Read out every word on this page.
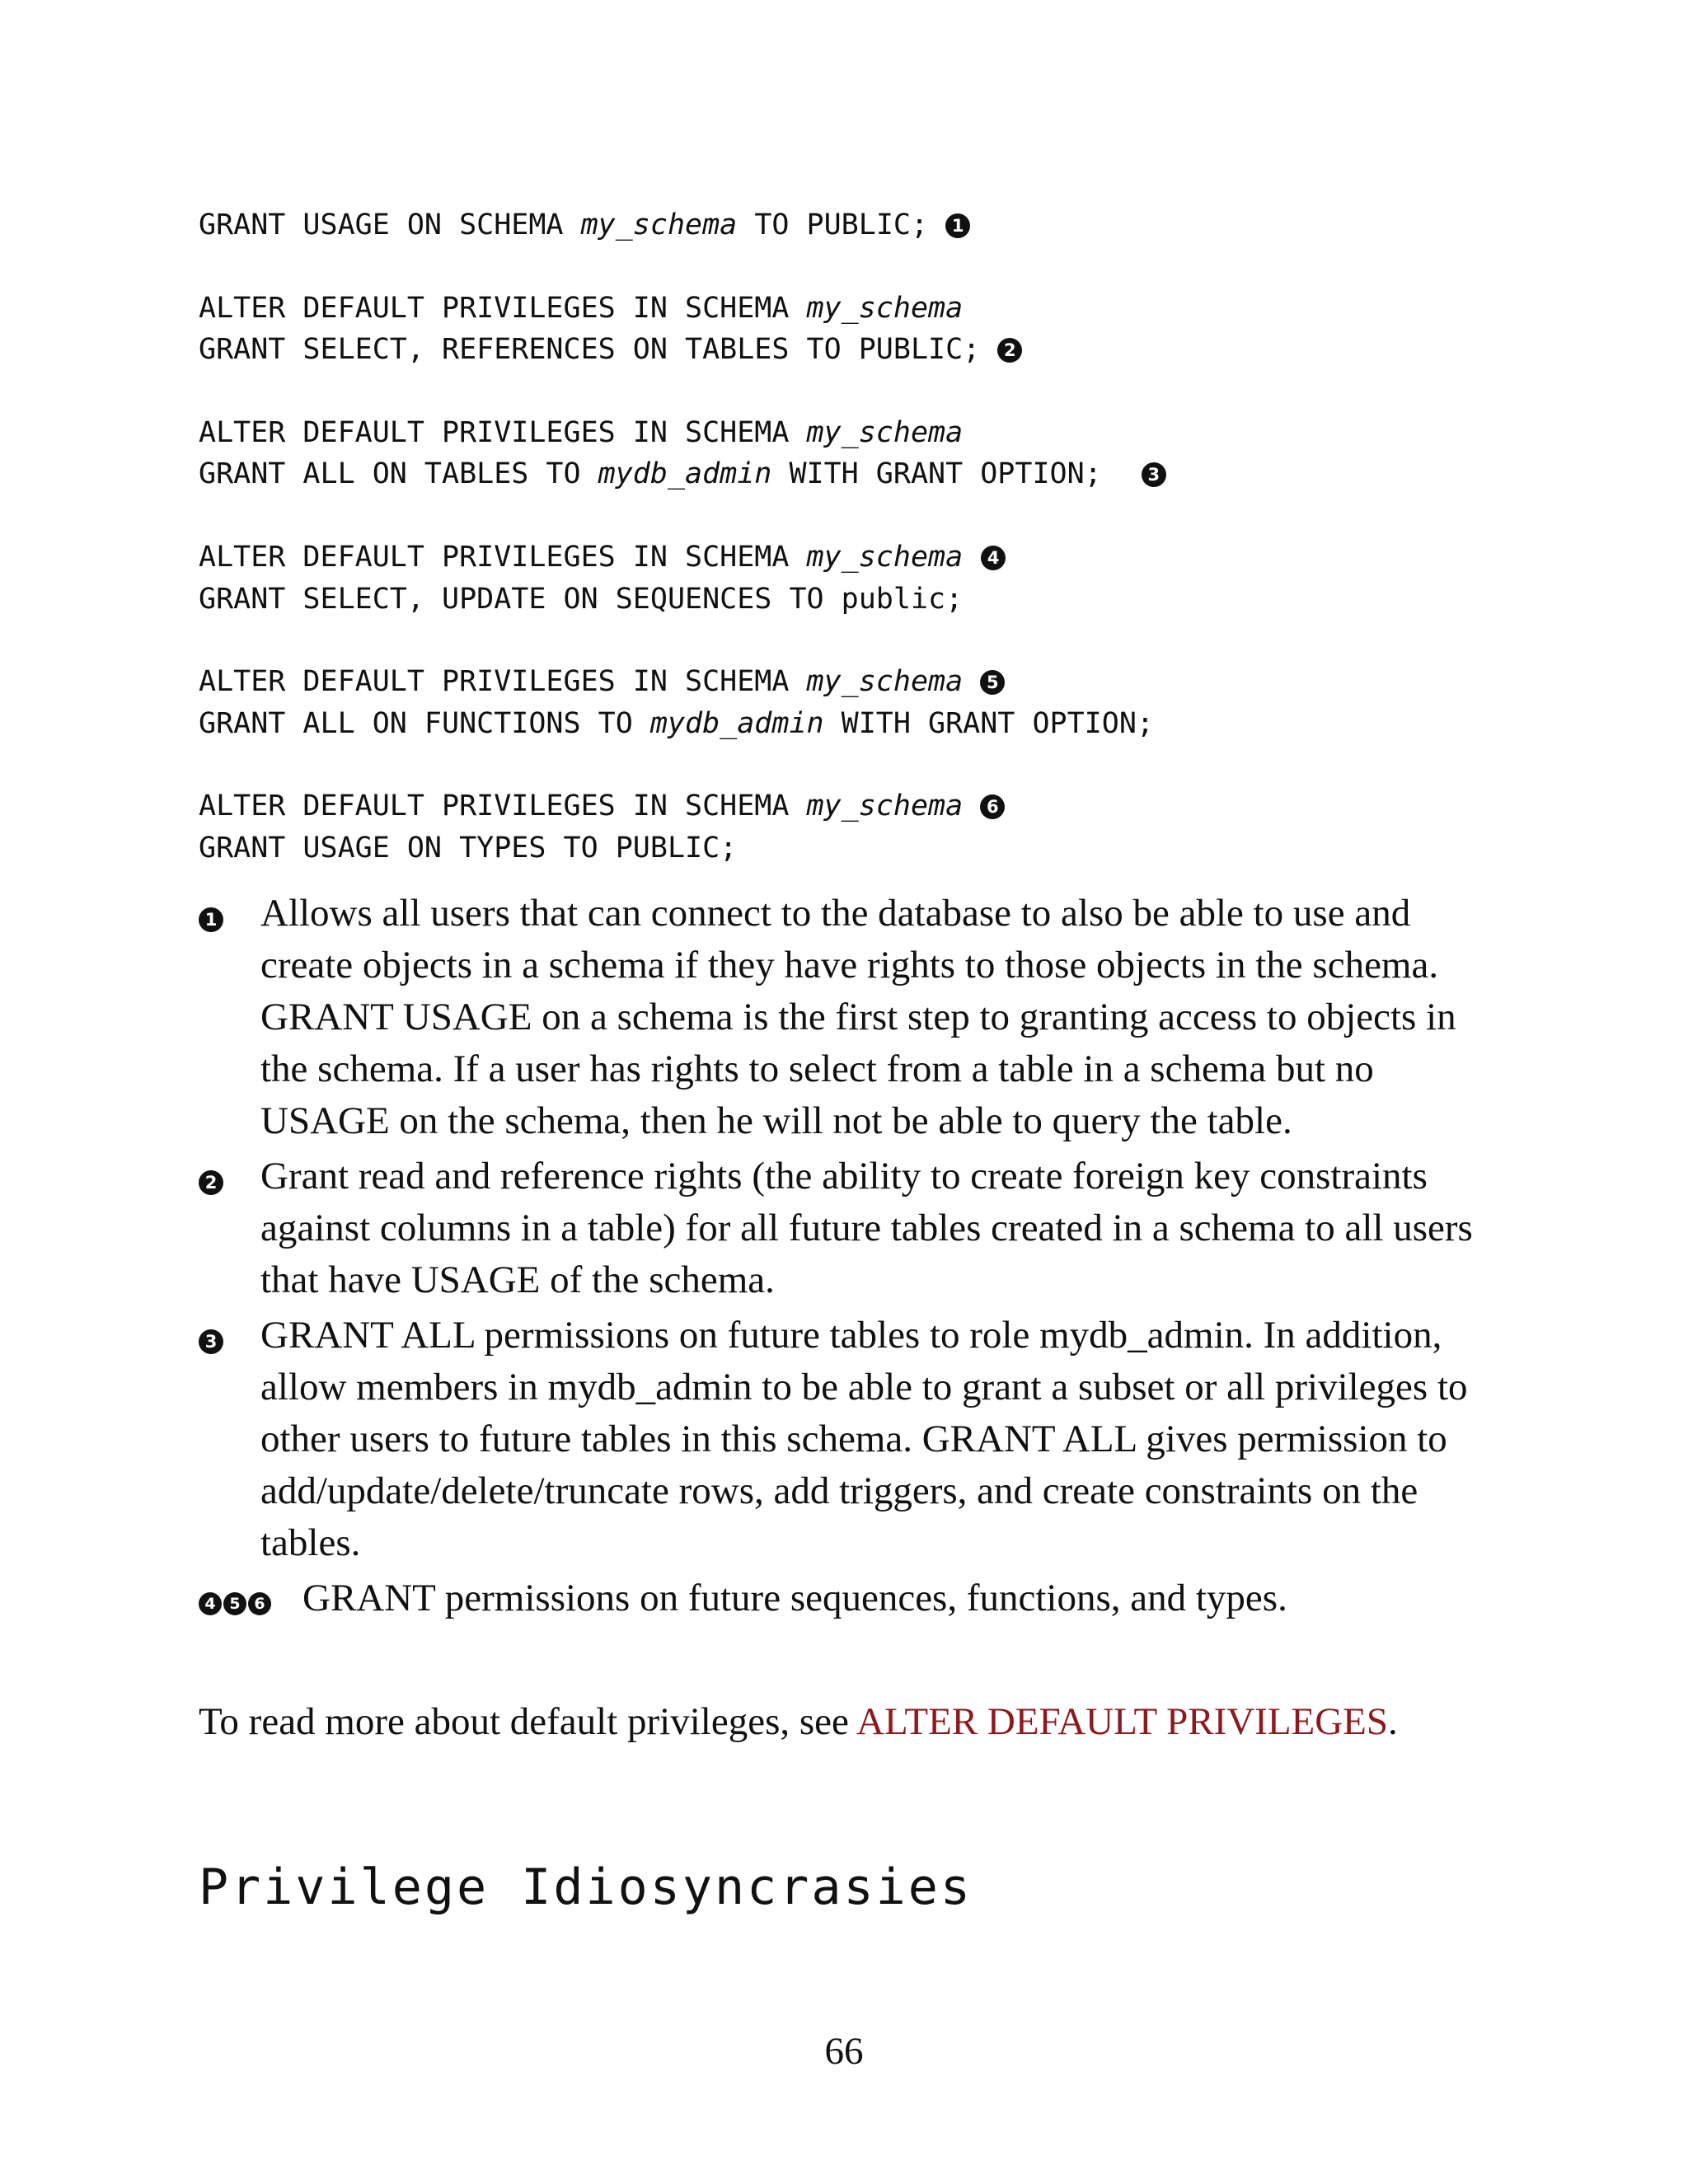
GRANT USAGE ON SCHEMA my_schema TO PUBLIC; 1
ALTER DEFAULT PRIVILEGES IN SCHEMA my_schema
GRANT SELECT, REFERENCES ON TABLES TO PUBLIC; 2
ALTER DEFAULT PRIVILEGES IN SCHEMA my_schema
GRANT ALL ON TABLES TO mydb_admin WITH GRANT OPTION;	3
ALTER DEFAULT PRIVILEGES IN SCHEMA my_schema 4
GRANT SELECT, UPDATE ON SEQUENCES TO public;
ALTER DEFAULT PRIVILEGES IN SCHEMA my_schema 5
GRANT ALL ON FUNCTIONS TO mydb_admin WITH GRANT OPTION;
ALTER DEFAULT PRIVILEGES IN SCHEMA my_schema 6
GRANT USAGE ON TYPES TO PUBLIC;
1 Allows all users that can connect to the database to also be able to use and create objects in a schema if they have rights to those objects in the schema. GRANT USAGE on a schema is the first step to granting access to objects in the schema. If a user has rights to select from a table in a schema but no USAGE on the schema, then he will not be able to query the table.
2 Grant read and reference rights (the ability to create foreign key constraints against columns in a table) for all future tables created in a schema to all users that have USAGE of the schema.
3 GRANT ALL permissions on future tables to role mydb_admin. In addition, allow members in mydb_admin to be able to grant a subset or all privileges to other users to future tables in this schema. GRANT ALL gives permission to add/update/delete/truncate rows, add triggers, and create constraints on the tables.
4 5 6 GRANT permissions on future sequences, functions, and types.

To read more about default privileges, see ALTER DEFAULT PRIVILEGES.

Privilege Idiosyncrasies
66
